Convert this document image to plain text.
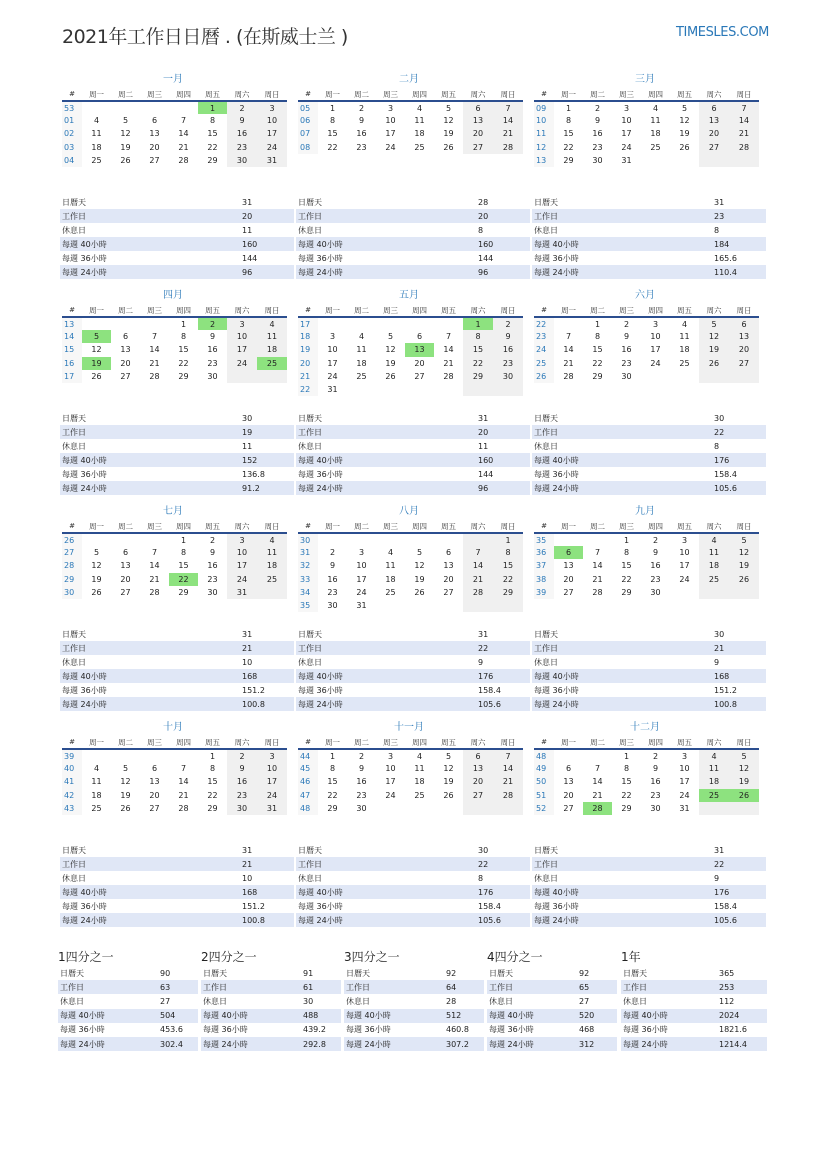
2021年工作日日曆 . (在斯威士兰 )	TIMESLES.COM
一月
#	周一	周二	周三	周四	周五	周六	周日
53					1	2	3
01	4	5	6	7	8	9	10
02	11	12	13	14	15	16	17
03	18	19	20	21	22	23	24
04	25	26	27	28	29	30	31
日曆天	31
工作日	20
休息日	11
每週 40小時	160
每週 36小時	144
每週 24小時	96
二月
#	周一	周二	周三	周四	周五	周六	周日
05	1	2	3	4	5	6	7
06	8	9	10	11	12	13	14
07	15	16	17	18	19	20	21
08	22	23	24	25	26	27	28
日曆天	28
工作日	20
休息日	8
每週 40小時	160
每週 36小時	144
每週 24小時	96
三月
#	周一	周二	周三	周四	周五	周六	周日
09	1	2	3	4	5	6	7
10	8	9	10	11	12	13	14
11	15	16	17	18	19	20	21
12	22	23	24	25	26	27	28
13	29	30	31				
日曆天	31
工作日	23
休息日	8
每週 40小時	184
每週 36小時	165.6
每週 24小時	110.4
四月
#	周一	周二	周三	周四	周五	周六	周日
13				1	2	3	4
14	5	6	7	8	9	10	11
15	12	13	14	15	16	17	18
16	19	20	21	22	23	24	25
17	26	27	28	29	30		
日曆天	30
工作日	19
休息日	11
每週 40小時	152
每週 36小時	136.8
每週 24小時	91.2
五月
#	周一	周二	周三	周四	周五	周六	周日
17						1	2
18	3	4	5	6	7	8	9
19	10	11	12	13	14	15	16
20	17	18	19	20	21	22	23
21	24	25	26	27	28	29	30
22	31						
日曆天	31
工作日	20
休息日	11
每週 40小時	160
每週 36小時	144
每週 24小時	96
六月
#	周一	周二	周三	周四	周五	周六	周日
22		1	2	3	4	5	6
23	7	8	9	10	11	12	13
24	14	15	16	17	18	19	20
25	21	22	23	24	25	26	27
26	28	29	30				
日曆天	30
工作日	22
休息日	8
每週 40小時	176
每週 36小時	158.4
每週 24小時	105.6
七月
#	周一	周二	周三	周四	周五	周六	周日
26				1	2	3	4
27	5	6	7	8	9	10	11
28	12	13	14	15	16	17	18
29	19	20	21	22	23	24	25
30	26	27	28	29	30	31	
日曆天	31
工作日	21
休息日	10
每週 40小時	168
每週 36小時	151.2
每週 24小時	100.8
八月
#	周一	周二	周三	周四	周五	周六	周日
30							1
31	2	3	4	5	6	7	8
32	9	10	11	12	13	14	15
33	16	17	18	19	20	21	22
34	23	24	25	26	27	28	29
35	30	31					
日曆天	31
工作日	22
休息日	9
每週 40小時	176
每週 36小時	158.4
每週 24小時	105.6
九月
#	周一	周二	周三	周四	周五	周六	周日
35			1	2	3	4	5
36	6	7	8	9	10	11	12
37	13	14	15	16	17	18	19
38	20	21	22	23	24	25	26
39	27	28	29	30			
日曆天	30
工作日	21
休息日	9
每週 40小時	168
每週 36小時	151.2
每週 24小時	100.8
十月
#	周一	周二	周三	周四	周五	周六	周日
39					1	2	3
40	4	5	6	7	8	9	10
41	11	12	13	14	15	16	17
42	18	19	20	21	22	23	24
43	25	26	27	28	29	30	31
日曆天	31
工作日	21
休息日	10
每週 40小時	168
每週 36小時	151.2
每週 24小時	100.8
十一月
#	周一	周二	周三	周四	周五	周六	周日
44	1	2	3	4	5	6	7
45	8	9	10	11	12	13	14
46	15	16	17	18	19	20	21
47	22	23	24	25	26	27	28
48	29	30					
日曆天	30
工作日	22
休息日	8
每週 40小時	176
每週 36小時	158.4
每週 24小時	105.6
十二月
#	周一	周二	周三	周四	周五	周六	周日
48			1	2	3	4	5
49	6	7	8	9	10	11	12
50	13	14	15	16	17	18	19
51	20	21	22	23	24	25	26
52	27	28	29	30	31		
日曆天	31
工作日	22
休息日	9
每週 40小時	176
每週 36小時	158.4
每週 24小時	105.6
1四分之一
日曆天	90
工作日	63
休息日	27
每週 40小時	504
每週 36小時	453.6
每週 24小時	302.4
2四分之一
日曆天	91
工作日	61
休息日	30
每週 40小時	488
每週 36小時	439.2
每週 24小時	292.8
3四分之一
日曆天	92
工作日	64
休息日	28
每週 40小時	512
每週 36小時	460.8
每週 24小時	307.2
4四分之一
日曆天	92
工作日	65
休息日	27
每週 40小時	520
每週 36小時	468
每週 24小時	312
1年
日曆天	365
工作日	253
休息日	112
每週 40小時	2024
每週 36小時	1821.6
每週 24小時	1214.4
